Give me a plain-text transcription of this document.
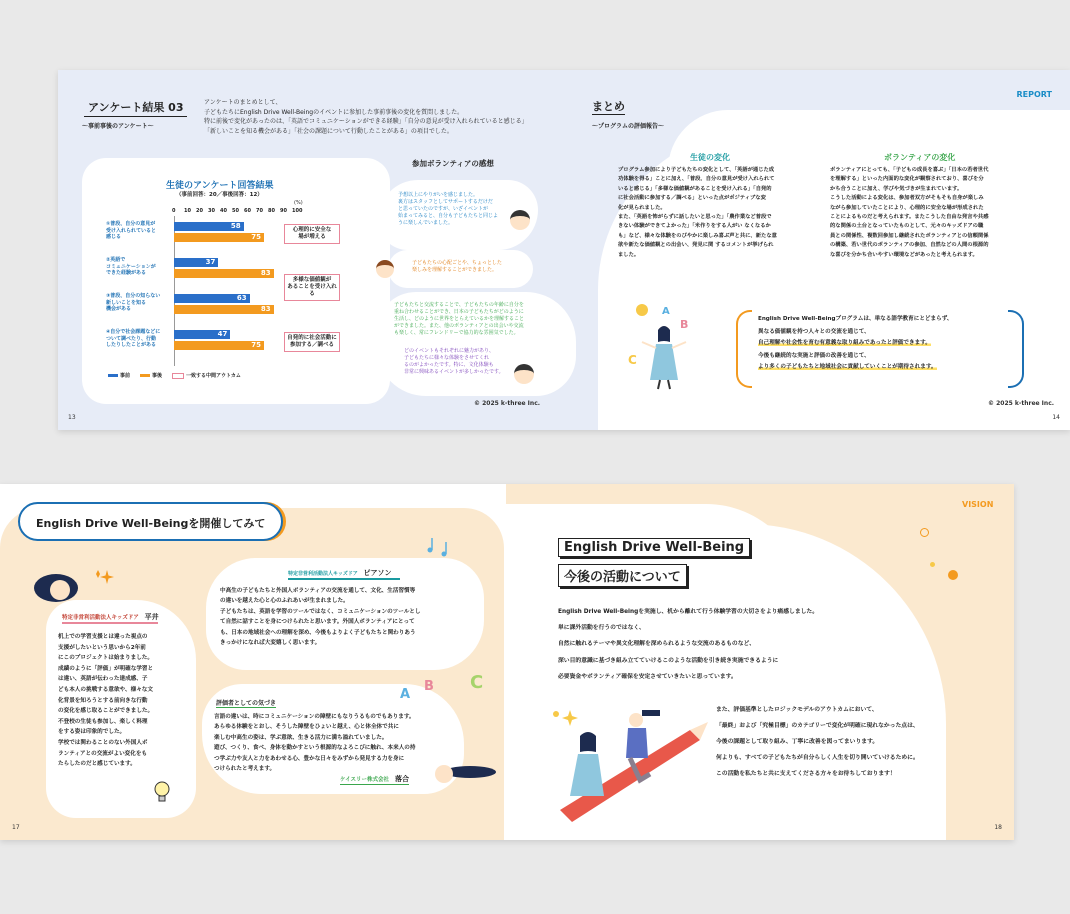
REPORT
アンケート結果 03
〜事前事後のアンケート〜
アンケートのまとめとして、
子どもたちにEnglish Drive Well-Beingのイベントに参加した事前事後の変化を質問しました。
特に前後で変化があったのは、「英語でコミュニケーションができる経験」「自分の意見が受け入れられていると感じる」
「新しいことを知る機会がある」「社会の課題について行動したことがある」の項目でした。
生徒のアンケート回答結果
（事前回答：20／事後回答：12）
(%)
0 10 20 30 40 50 60 70 80 90 100
①普段、自分の意見が
受け入れられていると
感じる
58
75
心理的に安全な
場が増える
②英語で
コミュニケーションが
できた経験がある
37
83
多様な価値観が
あることを受け入れる
③普段、自分の知らない
新しいことを知る
機会がある
63
83
④自分で社会課題などに
ついて調べたり、行動
したりしたことがある
47
75
自発的に社会活動に
参加する／調べる
事前	事後	一致する中間アウトカム
参加ボランティアの感想
予想以上にやりがいを感じました。
裏方はスタッフとしてサポートするだけだ
と思っていたのですが、いざイベントが
始まってみると、自分も子どもたちと同じよ
うに楽しんでいました。
子どもたちの心配ごとや、ちょっとした
楽しみを理解することができました。
子どもたちと交流することで、子どもたちの年齢に自分を
重ね合わせることができ、日本の子どもたちがどのように
生活し、どのように世界をとらえているかを理解すること
ができました。また、他のボランティアとの出会いや交流
も楽しく、常にフレンドリーで協力的な雰囲気でした。
どのイベントもそれぞれに魅力があり、
子どもたちに様々な体験をさせてくれ
るのがよかったです。特に、文化体験も
非常に興味あるイベントが多しかったです。
© 2025 k-three Inc.
13	14
まとめ
〜プログラムの評価報告〜
生徒の変化
プログラム参加により子どもたちの変化として、「英語が通じた成
功体験を得る」ことに加え、「普段、自分の意見が受け入れられて
いると感じる」「多様な価値観があることを受け入れる」「自発的
に社会活動に参加する／調べる」といった点がポジティブな変
化が見られました。
また、「英語を怖がらずに話したいと思った」「農作業など普段で
きない体験ができてよかった」「米作りをする人がい なくなるか
も」など、様々な体験をのびやかに楽しみ喜ぶ声と共に、新たな意
欲や新たな価値観との出会い、発見に関 するコメントが挙げられ
ました。
ボランティアの変化
ボランティアにとっても、「子どもの成長を喜ぶ」「日本の若者世代
を理解する」といった内面的な変化が観察されており、喜びを分
かち合うことに加え、学びや気づきが生まれています。
こうした活動による変化は、参加者双方がそもそも自身が楽しみ
ながら参加していたことにより、心理的に安全な場が形成された
ことによるものだと考えられます。またこうした自由な発言や共感
的な関係の土台となっていたものとして、元々のキッズドアの職
員との関係性、複数回参加し継続されたボランティアとの信頼関係
の構築、若い世代のボランティアの参加、自然などの人間の根源的
な喜びを分かち合いやすい環境などがあったと考えられます。
English Drive Well-Beingプログラムは、単なる語学教育にとどまらず、
異なる価値観を持つ人々との交流を通じて、
自己理解や社会性を育む有意義な取り組みであったと評価できます。
今後も継続的な実施と評価の改善を通じて、
より多くの子どもたちと地域社会に貢献していくことが期待されます。
© 2025 k-three Inc.
A
B
C
English Drive Well-Beingを開催してみて
特定非営利活動法人キッズドア 平井
机上での学習支援とは違った視点の
支援がしたいという思いから2年前
にこのプロジェクトは始まりました。
成績のように「評価」が明確な学習と
は違い、英語が伝わった達成感、子
ども本人の挑戦する意欲や、様々な文
化背景を知ろうとする前向きな行動
の変化を感じ取ることができました。
不登校の生徒も参加し、楽しく料理
をする姿は印象的でした。
学校では関わることのない外国人ボ
ランティアとの交流がよい変化をも
たらしたのだと感じています。
特定非営利活動法人キッズドア ピアソン
中高生の子どもたちと外国人ボランティアの交流を通して、文化、生活習慣等
の違いを越えた心と心のふれあいが生まれました。
子どもたちは、英語を学習のツールではなく、コミュニケーションのツールとし
て自然に話すことを身につけられたと思います。外国人ボランティアにとって
も、日本の地域社会への理解を深め、今後もよりよく子どもたちと関わりあう
きっかけになれば大変嬉しく思います。
評価者としての気づき
言語の違いは、時にコミュニケーションの障壁にもなりうるものでもあります。
あらゆる体験をとおし、そうした障壁をひょいと越え、心と体全体で共に
楽しむ中高生の姿は、学ぶ意欲、生きる活力に満ち溢れていました。
遊び、つくり、食べ、身体を動かすという根源的なよろこびに触れ、本来人の持
つ学ぶ力や友人と力をあわせる心、豊かな日々をみずから発見する力を身に
つけられたと考えます。
ケイスリー株式会社 落合
A
B C
17	18
VISION
English Drive Well-Being
今後の活動について
English Drive Well-Beingを実施し、机から離れて行う体験学習の大切さをより痛感しました。
単に課外活動を行うのではなく、
自然に触れるテーマや異文化理解を深められるような交流のあるものなど、
深い目的意識に基づき組み立てていけるこのような活動を引き続き実施できるように
必要資金やボランティア確保を安定させていきたいと思っています。
また、評価基準としたロジックモデルのアウトカムにおいて、
「最終」および「究極目標」のカテゴリーで変化が明確に現れなかった点は、
今後の課題として取り組み、丁寧に改善を図ってまいります。
何よりも、すべての子どもたちが自分らしく人生を切り開いていけるために。
この活動を私たちと共に支えてくださる方々をお待ちしております！
